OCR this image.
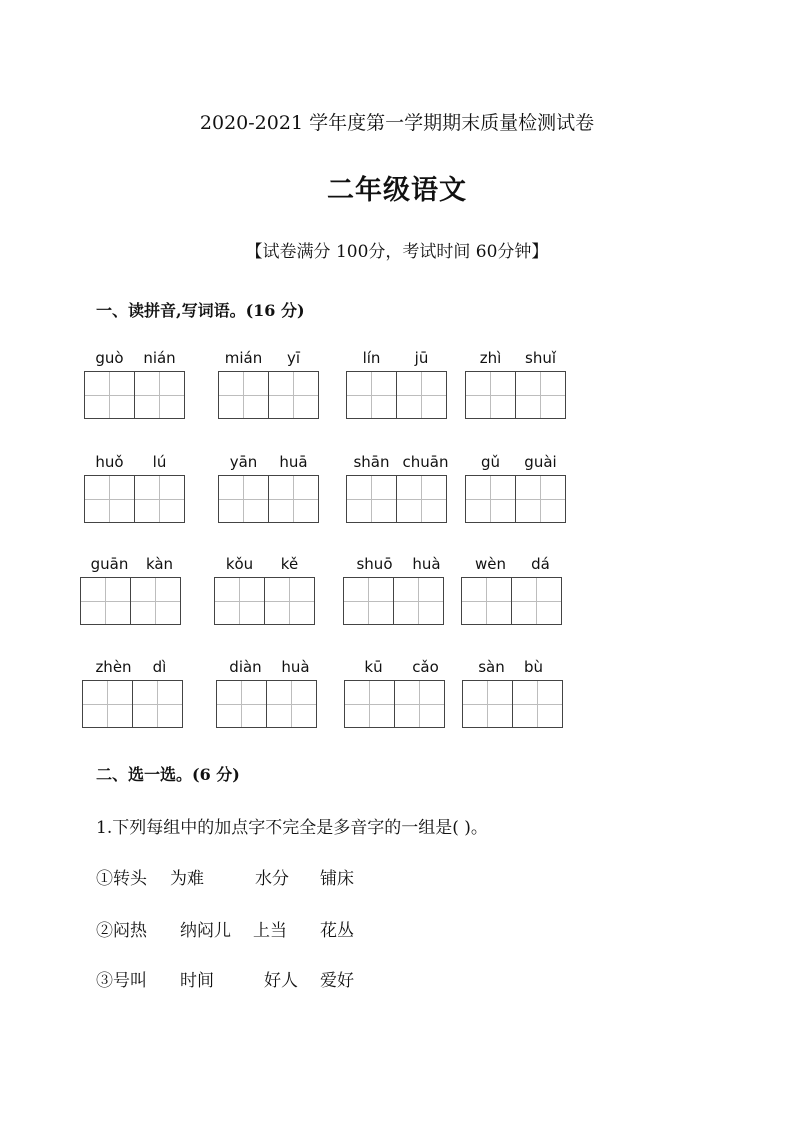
2020-2021 学年度第一学期期末质量检测试卷
二年级语文
【试卷满分 100分，考试时间 60分钟】
一、读拼音,写词语。(16 分)
guò	nián	mián	yī	lín	jū	zhì	shuǐ
huǒ	lú	yān	huā	shān chuān	gǔ	guài
guān	kàn	kǒu	kě	shuō	huà	wèn	dá
zhèn	dì	diàn	huà	kū	cǎo	sàn	bù
二、选一选。(6 分)
1.下列每组中的加点字不完全是多音字的一组是( )。
①转头 为难	水分 铺床
②闷热 纳闷儿 上当 花丛
③号叫 时间	好人 爱好
